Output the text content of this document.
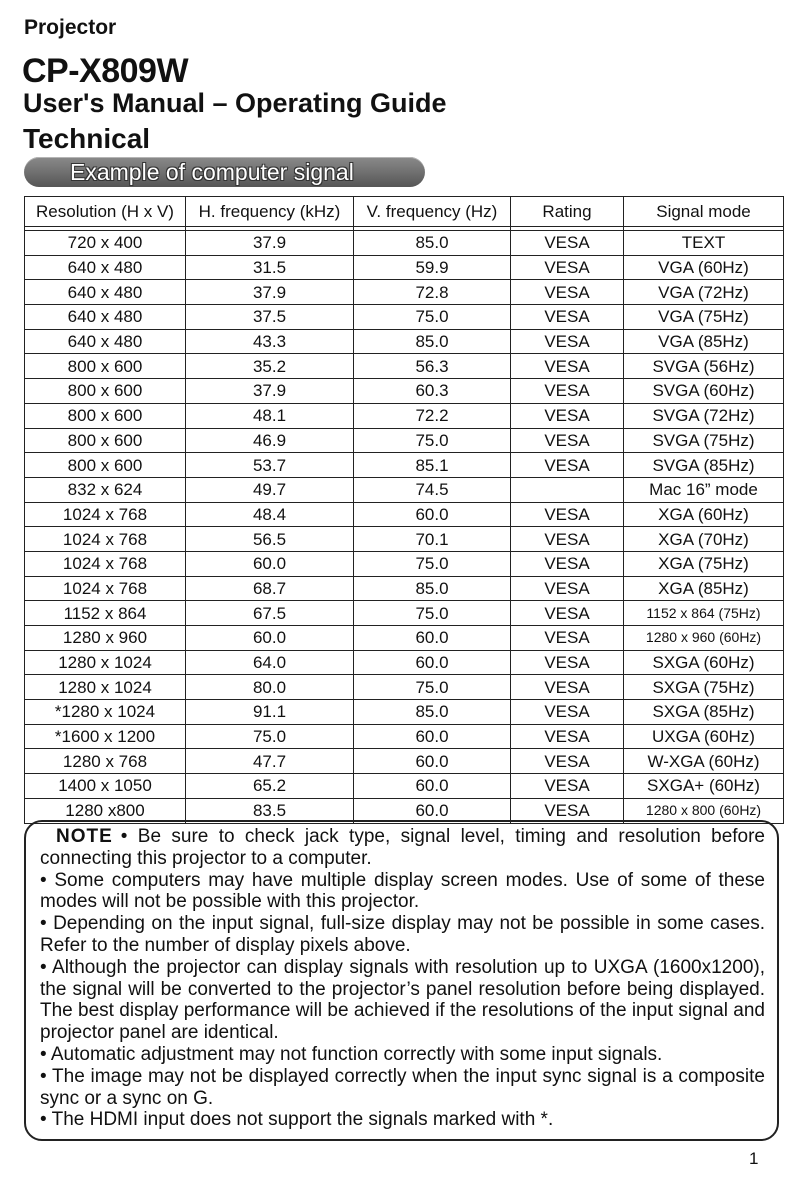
Projector
CP-X809W
User's Manual – Operating Guide
Technical
Example of computer signal
Resolution (H x V)	H. frequency (kHz)	V. frequency (Hz)	Rating	Signal mode

720 x 400	37.9	85.0	VESA	TEXT
640 x 480	31.5	59.9	VESA	VGA (60Hz)
640 x 480	37.9	72.8	VESA	VGA (72Hz)
640 x 480	37.5	75.0	VESA	VGA (75Hz)
640 x 480	43.3	85.0	VESA	VGA (85Hz)
800 x 600	35.2	56.3	VESA	SVGA (56Hz)
800 x 600	37.9	60.3	VESA	SVGA (60Hz)
800 x 600	48.1	72.2	VESA	SVGA (72Hz)
800 x 600	46.9	75.0	VESA	SVGA (75Hz)
800 x 600	53.7	85.1	VESA	SVGA (85Hz)
832 x 624	49.7	74.5		Mac 16” mode
1024 x 768	48.4	60.0	VESA	XGA (60Hz)
1024 x 768	56.5	70.1	VESA	XGA (70Hz)
1024 x 768	60.0	75.0	VESA	XGA (75Hz)
1024 x 768	68.7	85.0	VESA	XGA (85Hz)
1152 x 864	67.5	75.0	VESA	1152 x 864 (75Hz)
1280 x 960	60.0	60.0	VESA	1280 x 960 (60Hz)
1280 x 1024	64.0	60.0	VESA	SXGA (60Hz)
1280 x 1024	80.0	75.0	VESA	SXGA (75Hz)
*1280 x 1024	91.1	85.0	VESA	SXGA (85Hz)
*1600 x 1200	75.0	60.0	VESA	UXGA (60Hz)
1280 x 768	47.7	60.0	VESA	W-XGA (60Hz)
1400 x 1050	65.2	60.0	VESA	SXGA+ (60Hz)
1280 x800	83.5	60.0	VESA	1280 x 800 (60Hz)

NOTE • Be sure to check jack type, signal level, timing and resolution before connecting this projector to a computer.

• Some computers may have multiple display screen modes. Use of some of these modes will not be possible with this projector.

• Depending on the input signal, full-size display may not be possible in some cases. Refer to the number of display pixels above.

• Although the projector can display signals with resolution up to UXGA (1600x1200), the signal will be converted to the projector’s panel resolution before being displayed. The best display performance will be achieved if the resolutions of the input signal and projector panel are identical.

• Automatic adjustment may not function correctly with some input signals.

• The image may not be displayed correctly when the input sync signal is a composite sync or a sync on G.

• The HDMI input does not support the signals marked with *.

1
